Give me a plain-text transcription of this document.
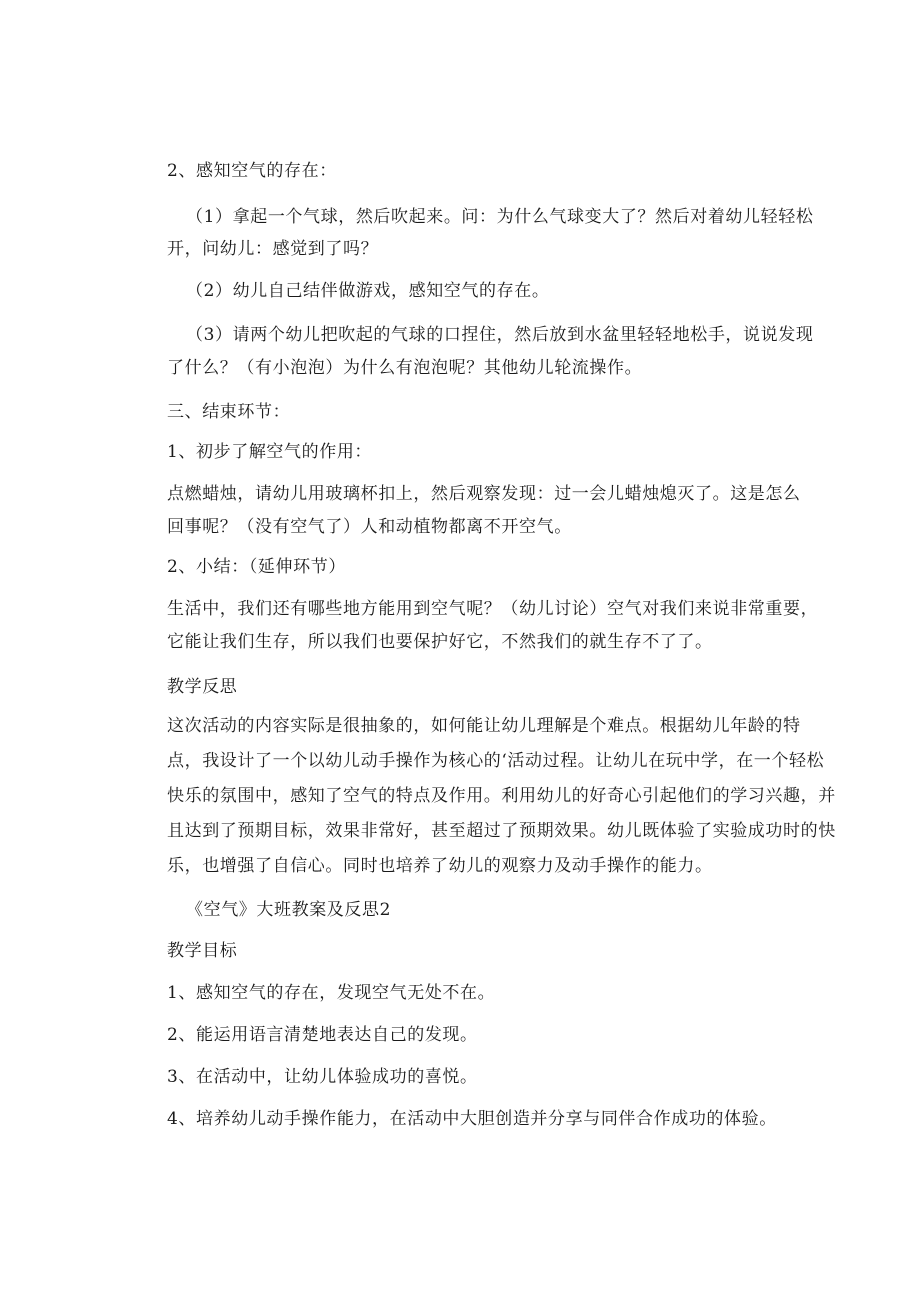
2、感知空气的存在：
（1）拿起一个气球，然后吹起来。问：为什么气球变大了？然后对着幼儿轻轻松
开，问幼儿：感觉到了吗？
（2）幼儿自己结伴做游戏，感知空气的存在。
（3）请两个幼儿把吹起的气球的口捏住，然后放到水盆里轻轻地松手，说说发现
了什么？（有小泡泡）为什么有泡泡呢？其他幼儿轮流操作。
三、结束环节：
1、初步了解空气的作用：
点燃蜡烛，请幼儿用玻璃杯扣上，然后观察发现：过一会儿蜡烛熄灭了。这是怎么
回事呢？（没有空气了）人和动植物都离不开空气。
2、小结：（延伸环节）
生活中，我们还有哪些地方能用到空气呢？（幼儿讨论）空气对我们来说非常重要，
它能让我们生存，所以我们也要保护好它，不然我们的就生存不了了。
教学反思
这次活动的内容实际是很抽象的，如何能让幼儿理解是个难点。根据幼儿年龄的特
点，我设计了一个以幼儿动手操作为核心的‘活动过程。让幼儿在玩中学，在一个轻松
快乐的氛围中，感知了空气的特点及作用。利用幼儿的好奇心引起他们的学习兴趣，并
且达到了预期目标，效果非常好，甚至超过了预期效果。幼儿既体验了实验成功时的快
乐，也增强了自信心。同时也培养了幼儿的观察力及动手操作的能力。
《空气》大班教案及反思2
教学目标
1、感知空气的存在，发现空气无处不在。
2、能运用语言清楚地表达自己的发现。
3、在活动中，让幼儿体验成功的喜悦。
4、培养幼儿动手操作能力，在活动中大胆创造并分享与同伴合作成功的体验。
